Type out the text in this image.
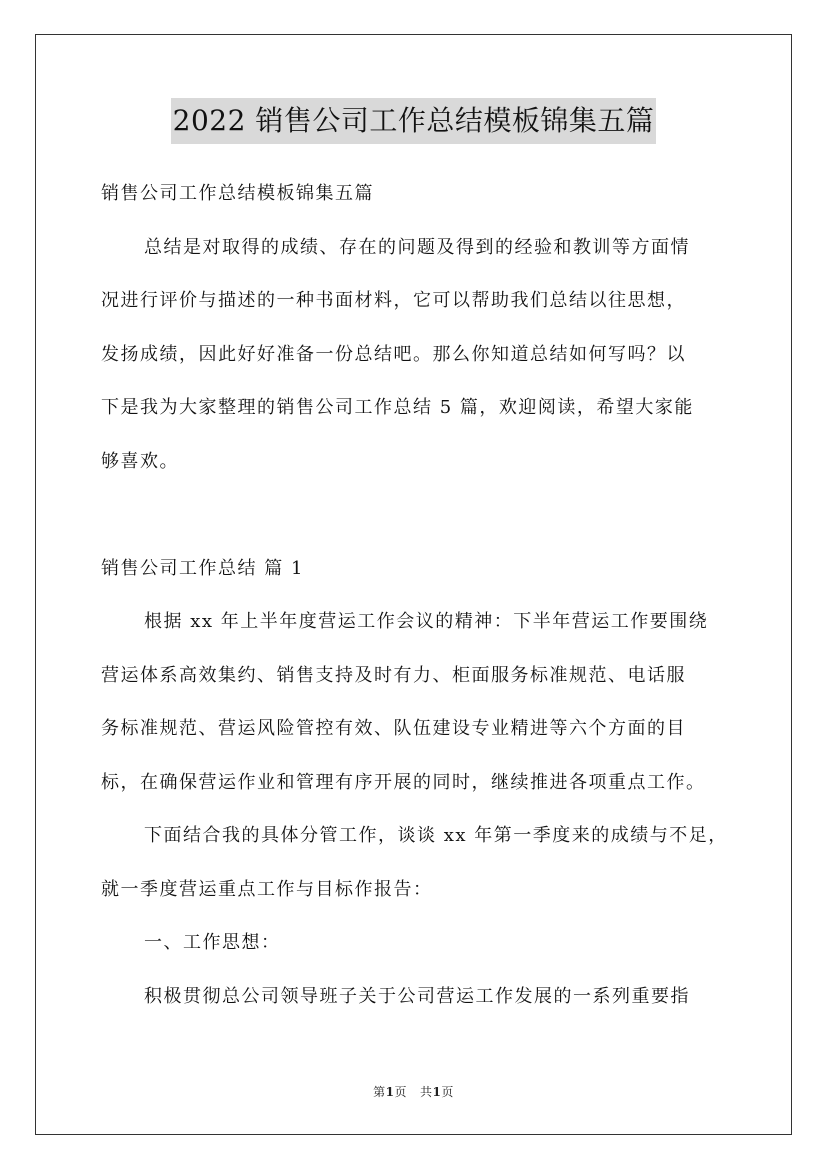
2022 销售公司工作总结模板锦集五篇
销售公司工作总结模板锦集五篇
总结是对取得的成绩、存在的问题及得到的经验和教训等方面情
况进行评价与描述的一种书面材料，它可以帮助我们总结以往思想，
发扬成绩，因此好好准备一份总结吧。那么你知道总结如何写吗？以
下是我为大家整理的销售公司工作总结 5 篇，欢迎阅读，希望大家能
够喜欢。
销售公司工作总结 篇 1
根据 xx 年上半年度营运工作会议的精神：下半年营运工作要围绕
营运体系高效集约、销售支持及时有力、柜面服务标准规范、电话服
务标准规范、营运风险管控有效、队伍建设专业精进等六个方面的目
标，在确保营运作业和管理有序开展的同时，继续推进各项重点工作。
下面结合我的具体分管工作，谈谈 xx 年第一季度来的成绩与不足，
就一季度营运重点工作与目标作报告：
一、工作思想：
积极贯彻总公司领导班子关于公司营运工作发展的一系列重要指
第1页 共1页
